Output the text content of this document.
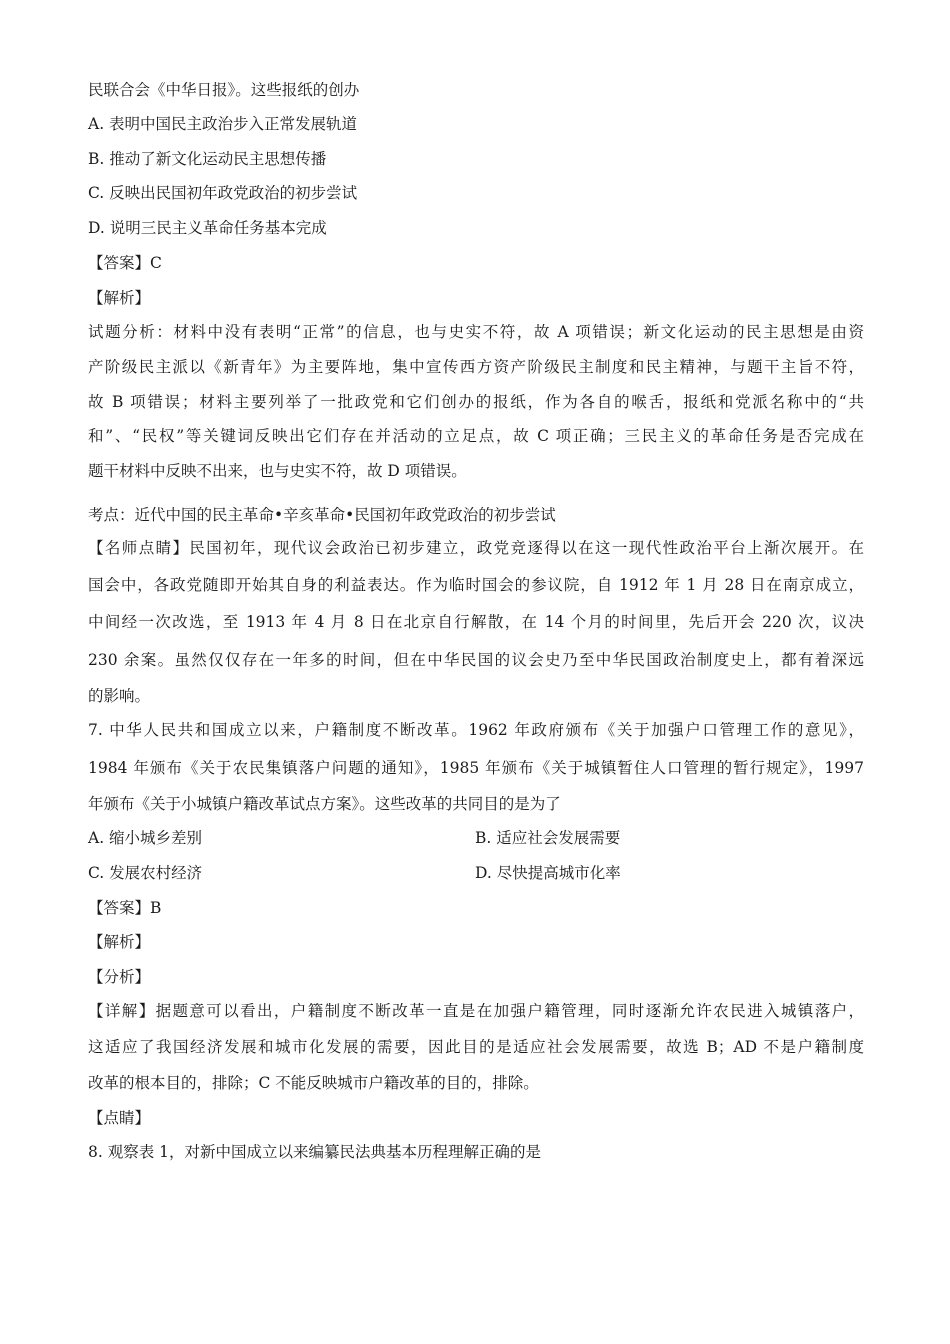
民联合会《中华日报》。这些报纸的创办
A. 表明中国民主政治步入正常发展轨道
B. 推动了新文化运动民主思想传播
C. 反映出民国初年政党政治的初步尝试
D. 说明三民主义革命任务基本完成
【答案】C
【解析】
试题分析：材料中没有表明“正常”的信息，也与史实不符，故 A 项错误；新文化运动的民主思想是由资
产阶级民主派以《新青年》为主要阵地，集中宣传西方资产阶级民主制度和民主精神，与题干主旨不符，
故 B 项错误；材料主要列举了一批政党和它们创办的报纸，作为各自的喉舌，报纸和党派名称中的“共
和”、“民权”等关键词反映出它们存在并活动的立足点，故 C 项正确；三民主义的革命任务是否完成在
题干材料中反映不出来，也与史实不符，故 D 项错误。
考点：近代中国的民主革命•辛亥革命•民国初年政党政治的初步尝试
【名师点睛】民国初年，现代议会政治已初步建立，政党竞逐得以在这一现代性政治平台上渐次展开。在
国会中，各政党随即开始其自身的利益表达。作为临时国会的参议院，自 1912 年 1 月 28 日在南京成立，
中间经一次改选，至 1913 年 4 月 8 日在北京自行解散，在 14 个月的时间里，先后开会 220 次，议决
230 余案。虽然仅仅存在一年多的时间，但在中华民国的议会史乃至中华民国政治制度史上，都有着深远
的影响。
7. 中华人民共和国成立以来，户籍制度不断改革。1962 年政府颁布《关于加强户口管理工作的意见》，
1984 年颁布《关于农民集镇落户问题的通知》，1985 年颁布《关于城镇暂住人口管理的暂行规定》，1997
年颁布《关于小城镇户籍改革试点方案》。这些改革的共同目的是为了
A. 缩小城乡差别	B. 适应社会发展需要
C. 发展农村经济	D. 尽快提高城市化率
【答案】B
【解析】
【分析】
【详解】据题意可以看出，户籍制度不断改革一直是在加强户籍管理，同时逐渐允许农民进入城镇落户，
这适应了我国经济发展和城市化发展的需要，因此目的是适应社会发展需要，故选 B；AD 不是户籍制度
改革的根本目的，排除；C 不能反映城市户籍改革的目的，排除。
【点睛】
8. 观察表 1，对新中国成立以来编纂民法典基本历程理解正确的是
